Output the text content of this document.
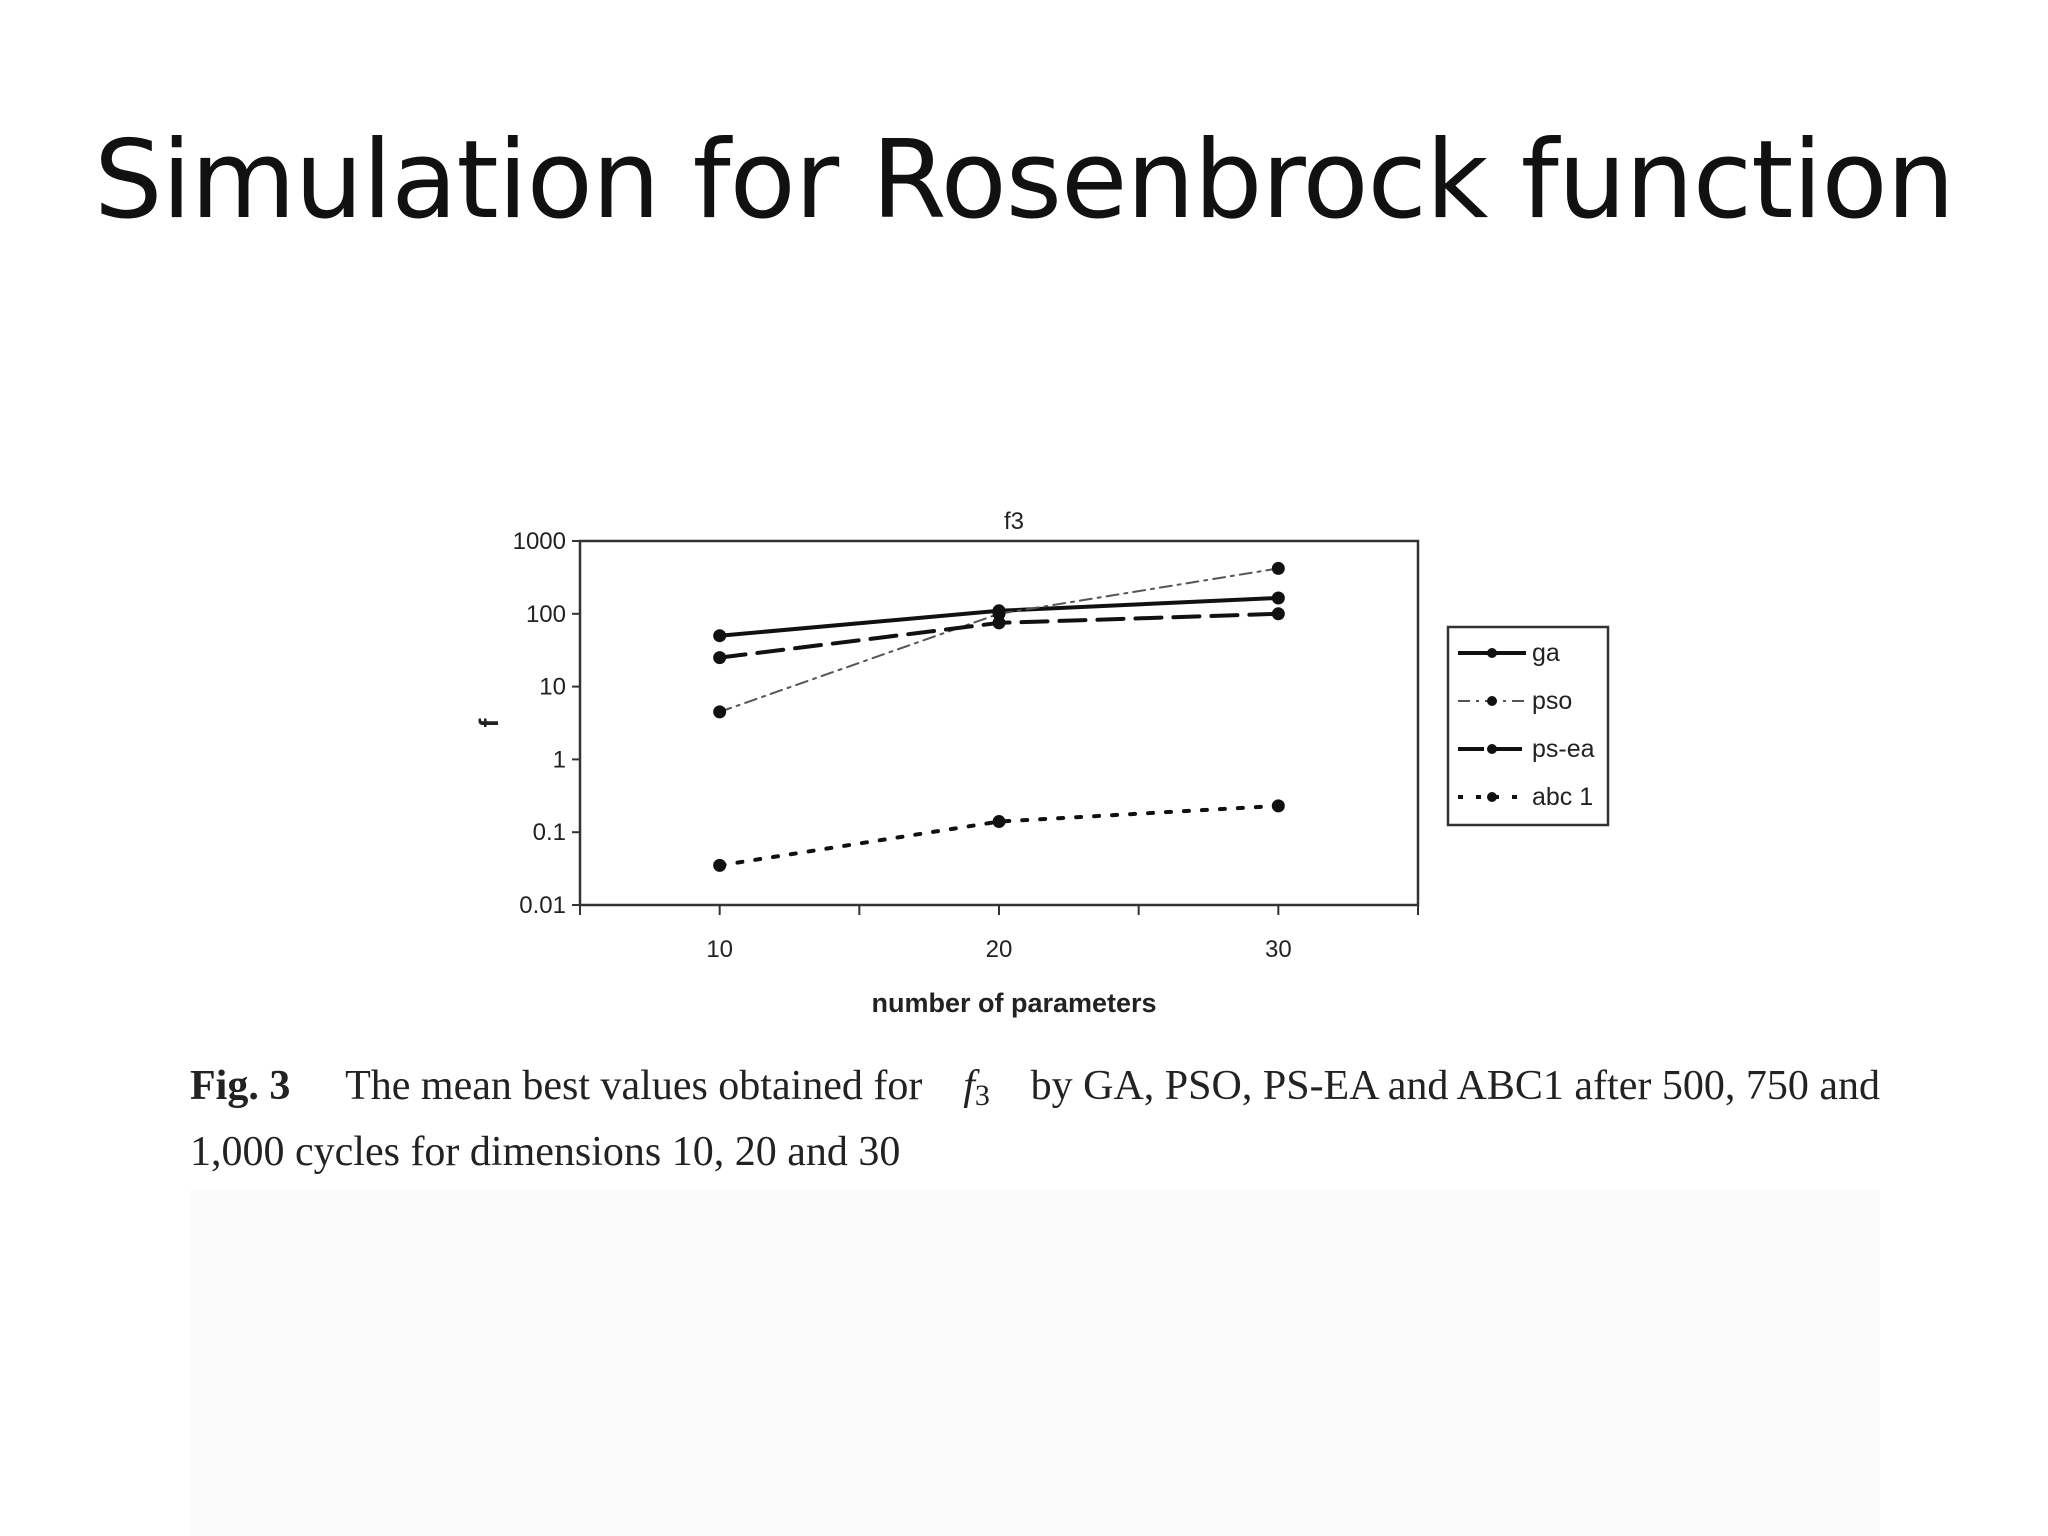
Simulation for Rosenbrock function
1000
100
10
1
0.1
0.01
10	20	30
f3
number of parameters
f
ga
pso
ps-ea
abc 1
Fig. 3	The mean best values obtained for f3 by GA, PSO, PS-EA and ABC1 after 500, 750 and
1,000 cycles for dimensions 10, 20 and 30
